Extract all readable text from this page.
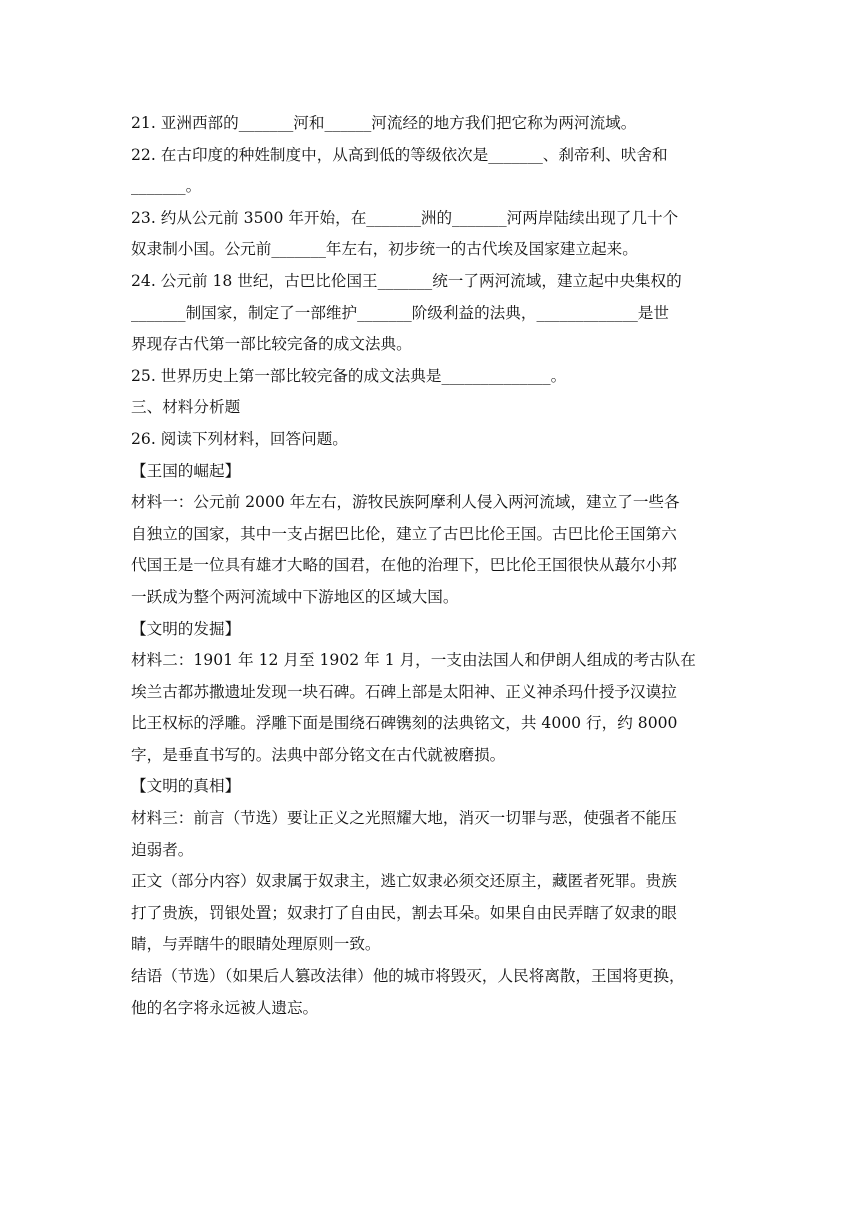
21. 亚洲西部的_______河和______河流经的地方我们把它称为两河流域。
22. 在古印度的种姓制度中，从高到低的等级依次是_______、刹帝利、吠舍和
_______。
23. 约从公元前 3500 年开始，在_______洲的_______河两岸陆续出现了几十个
奴隶制小国。公元前_______年左右，初步统一的古代埃及国家建立起来。
24. 公元前 18 世纪，古巴比伦国王_______统一了两河流域，建立起中央集权的
_______制国家，制定了一部维护_______阶级利益的法典，_____________是世
界现存古代第一部比较完备的成文法典。
25. 世界历史上第一部比较完备的成文法典是______________。
三、材料分析题
26. 阅读下列材料，回答问题。
【王国的崛起】
材料一：公元前 2000 年左右，游牧民族阿摩利人侵入两河流域，建立了一些各
自独立的国家，其中一支占据巴比伦，建立了古巴比伦王国。古巴比伦王国第六
代国王是一位具有雄才大略的国君，在他的治理下，巴比伦王国很快从蕞尔小邦
一跃成为整个两河流域中下游地区的区域大国。
【文明的发掘】
材料二：1901 年 12 月至 1902 年 1 月，一支由法国人和伊朗人组成的考古队在
埃兰古都苏撒遗址发现一块石碑。石碑上部是太阳神、正义神杀玛什授予汉谟拉
比王权标的浮雕。浮雕下面是围绕石碑镌刻的法典铭文，共 4000 行，约 8000
字，是垂直书写的。法典中部分铭文在古代就被磨损。
【文明的真相】
材料三：前言（节选）要让正义之光照耀大地，消灭一切罪与恶，使强者不能压
迫弱者。
正文（部分内容）奴隶属于奴隶主，逃亡奴隶必须交还原主，藏匿者死罪。贵族
打了贵族，罚银处置；奴隶打了自由民，割去耳朵。如果自由民弄瞎了奴隶的眼
睛，与弄瞎牛的眼睛处理原则一致。
结语（节选）（如果后人篡改法律）他的城市将毁灭，人民将离散，王国将更换，
他的名字将永远被人遗忘。
